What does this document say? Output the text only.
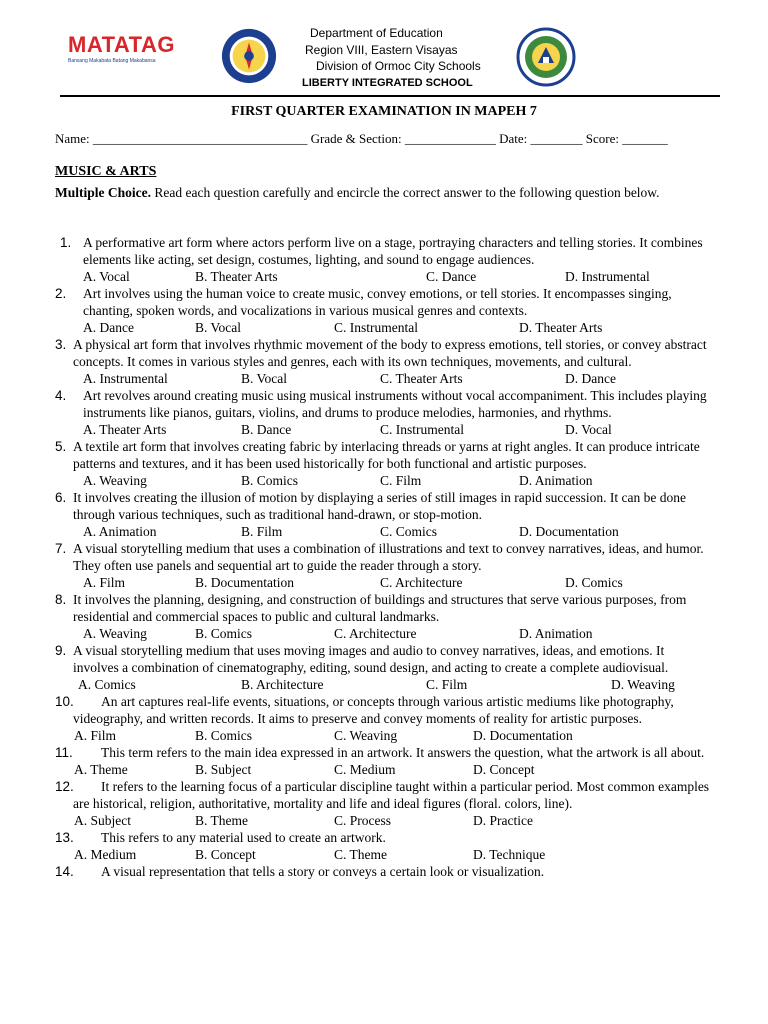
MATATAG
Bansang Makabata Batang Makabansa
Department of Education
Region VIII, Eastern Visayas
Division of Ormoc City Schools
LIBERTY INTEGRATED SCHOOL
FIRST QUARTER EXAMINATION IN MAPEH 7
Name: _________________________________ Grade & Section: ______________ Date: ________ Score: _______
MUSIC & ARTS
Multiple Choice. Read each question carefully and encircle the correct answer to the following question below.
1. A performative art form where actors perform live on a stage, portraying characters and telling stories. It combines elements like acting, set design, costumes, lighting, and sound to engage audiences.
A. Vocal	B. Theater Arts	C. Dance	D. Instrumental
2. Art involves using the human voice to create music, convey emotions, or tell stories. It encompasses singing, chanting, spoken words, and vocalizations in various musical genres and contexts.
A. Dance	B. Vocal	C. Instrumental	D. Theater Arts
3. A physical art form that involves rhythmic movement of the body to express emotions, tell stories, or convey abstract concepts. It comes in various styles and genres, each with its own techniques, movements, and cultural.
A. Instrumental	B. Vocal	C. Theater Arts	D. Dance
4. Art revolves around creating music using musical instruments without vocal accompaniment. This includes playing instruments like pianos, guitars, violins, and drums to produce melodies, harmonies, and rhythms.
A. Theater Arts	B. Dance	C. Instrumental	D. Vocal
5. A textile art form that involves creating fabric by interlacing threads or yarns at right angles. It can produce intricate patterns and textures, and it has been used historically for both functional and artistic purposes.
A. Weaving	B. Comics	C. Film	D. Animation
6. It involves creating the illusion of motion by displaying a series of still images in rapid succession. It can be done through various techniques, such as traditional hand-drawn, or stop-motion.
A. Animation	B. Film	C. Comics	D. Documentation
7. A visual storytelling medium that uses a combination of illustrations and text to convey narratives, ideas, and humor. They often use panels and sequential art to guide the reader through a story.
A. Film	B. Documentation	C. Architecture	D. Comics
8. It involves the planning, designing, and construction of buildings and structures that serve various purposes, from residential and commercial spaces to public and cultural landmarks.
A. Weaving	B. Comics	C. Architecture	D. Animation
9. A visual storytelling medium that uses moving images and audio to convey narratives, ideas, and emotions. It involves a combination of cinematography, editing, sound design, and acting to create a complete audiovisual.
A. Comics	B. Architecture	C. Film	D. Weaving
10.	An art captures real-life events, situations, or concepts through various artistic mediums like photography, videography, and written records. It aims to preserve and convey moments of reality for artistic purposes.
A. Film	B. Comics	C. Weaving	D. Documentation
11.	This term refers to the main idea expressed in an artwork. It answers the question, what the artwork is all about.
A. Theme	B. Subject	C. Medium	D. Concept
12.	It refers to the learning focus of a particular discipline taught within a particular period. Most common examples are historical, religion, authoritative, mortality and life and ideal figures (floral. colors, line).
A. Subject	B. Theme	C. Process	D. Practice
13.	This refers to any material used to create an artwork.
A. Medium	B. Concept	C. Theme	D. Technique
14.	A visual representation that tells a story or conveys a certain look or visualization.
